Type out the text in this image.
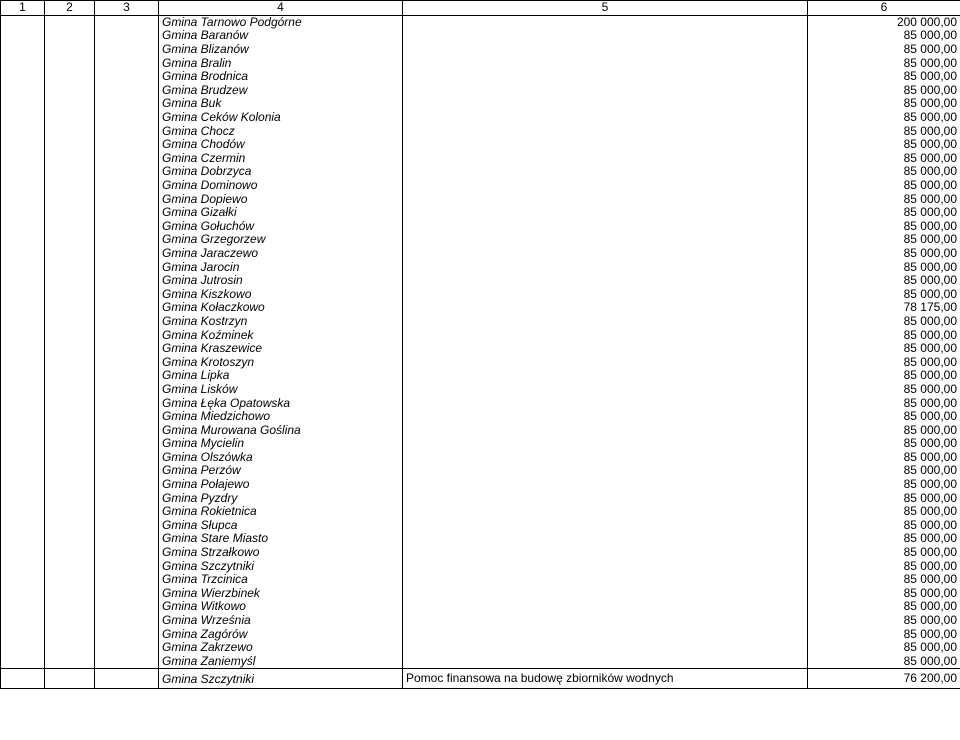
1	2	3	4	5	6
			Gmina Tarnowo Podgórne		200 000,00
			Gmina Baranów		85 000,00
			Gmina Blizanów		85 000,00
			Gmina Bralin		85 000,00
			Gmina Brodnica		85 000,00
			Gmina Brudzew		85 000,00
			Gmina Buk		85 000,00
			Gmina Ceków Kolonia		85 000,00
			Gmina Chocz		85 000,00
			Gmina Chodów		85 000,00
			Gmina Czermin		85 000,00
			Gmina Dobrzyca		85 000,00
			Gmina Dominowo		85 000,00
			Gmina Dopiewo		85 000,00
			Gmina Gizałki		85 000,00
			Gmina Gołuchów		85 000,00
			Gmina Grzegorzew		85 000,00
			Gmina Jaraczewo		85 000,00
			Gmina Jarocin		85 000,00
			Gmina Jutrosin		85 000,00
			Gmina Kiszkowo		85 000,00
			Gmina Kołaczkowo		78 175,00
			Gmina Kostrzyn		85 000,00
			Gmina Koźminek		85 000,00
			Gmina Kraszewice		85 000,00
			Gmina Krotoszyn		85 000,00
			Gmina Lipka		85 000,00
			Gmina Lisków		85 000,00
			Gmina Łęka Opatowska		85 000,00
			Gmina Miedzichowo		85 000,00
			Gmina Murowana Goślina		85 000,00
			Gmina Mycielin		85 000,00
			Gmina Olszówka		85 000,00
			Gmina Perzów		85 000,00
			Gmina Połajewo		85 000,00
			Gmina Pyzdry		85 000,00
			Gmina Rokietnica		85 000,00
			Gmina Słupca		85 000,00
			Gmina Stare Miasto		85 000,00
			Gmina Strzałkowo		85 000,00
			Gmina Szczytniki		85 000,00
			Gmina Trzcinica		85 000,00
			Gmina Wierzbinek		85 000,00
			Gmina Witkowo		85 000,00
			Gmina Września		85 000,00
			Gmina Zagórów		85 000,00
			Gmina Zakrzewo		85 000,00
			Gmina Zaniemyśl		85 000,00
			Gmina Szczytniki	Pomoc finansowa na budowę zbiorników wodnych	76 200,00
